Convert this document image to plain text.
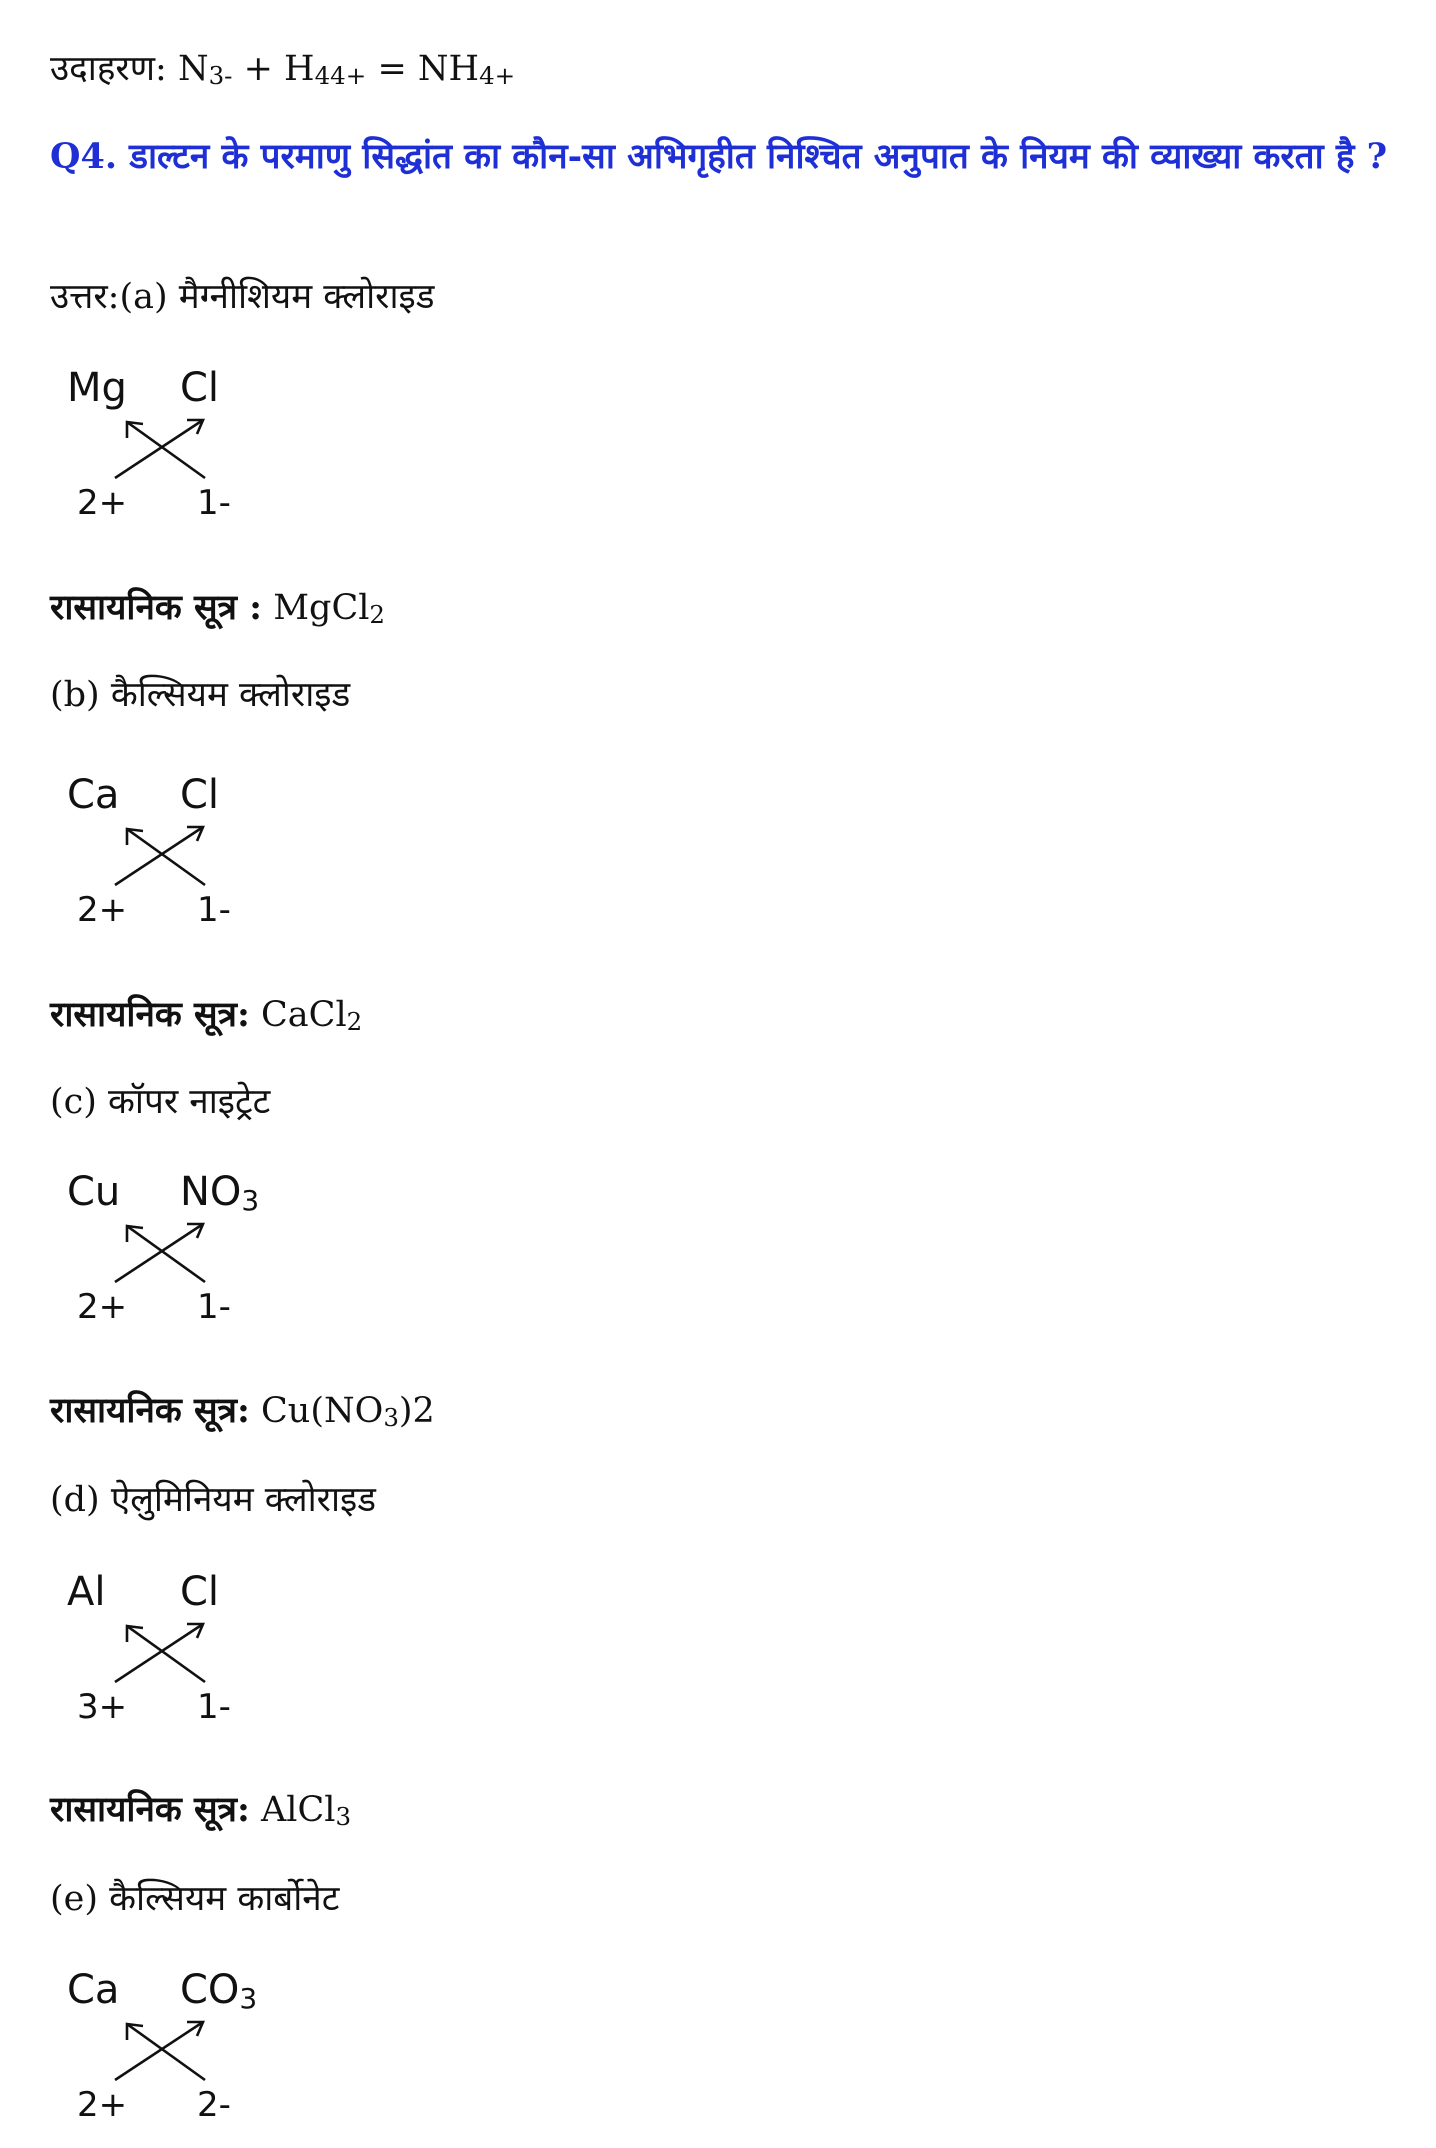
उदाहरण: N3- + H44+ = NH4+
Q4. डाल्टन के परमाणु सिद्धांत का कौन-सा अभिगृहीत निश्चित अनुपात के नियम की व्याख्या करता है ?
उत्तर:(a) मैग्नीशियम क्लोराइड
Mg Cl
2+ 1-
रासायनिक सूत्र : MgCl2
(b) कैल्सियम क्लोराइड
Ca Cl
2+ 1-
रासायनिक सूत्र: CaCl2
(c) कॉपर नाइट्रेट
Cu NO3
2+ 1-
रासायनिक सूत्र: Cu(NO3)2
(d) ऐलुमिनियम क्लोराइड
Al Cl
3+ 1-
रासायनिक सूत्र: AlCl3
(e) कैल्सियम कार्बोनेट
Ca CO3
2+ 2-
